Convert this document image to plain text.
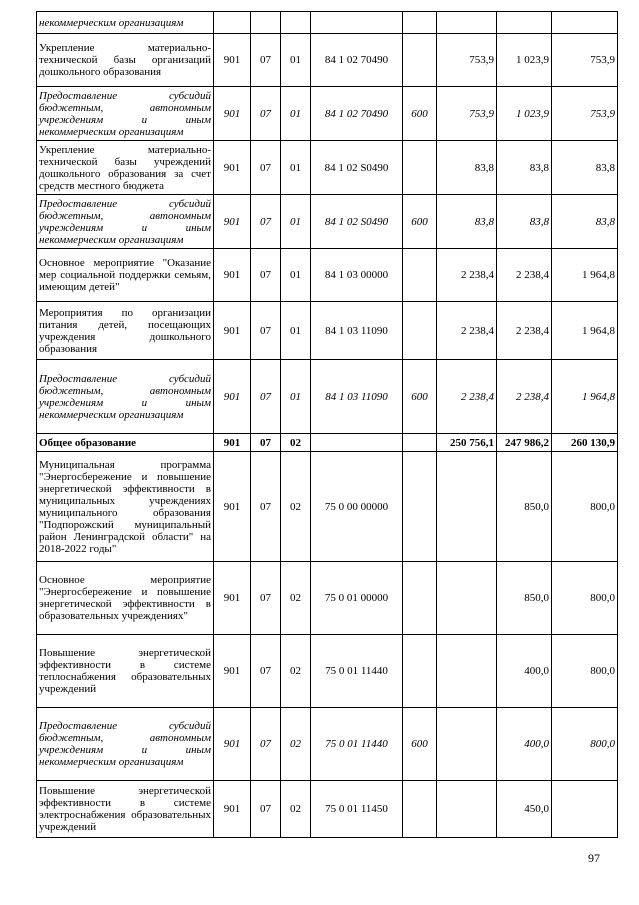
некоммерческим организациям								
Укрепление материально-технической базы организаций дошкольного образования	901	07	01	84 1 02 70490		753,9	1 023,9	753,9
Предоставление субсидий бюджетным, автономным учреждениям и иным некоммерческим организациям	901	07	01	84 1 02 70490	600	753,9	1 023,9	753,9
Укрепление материально-технической базы учреждений дошкольного образования за счет средств местного бюджета	901	07	01	84 1 02 S0490		83,8	83,8	83,8
Предоставление субсидий бюджетным, автономным учреждениям и иным некоммерческим организациям	901	07	01	84 1 02 S0490	600	83,8	83,8	83,8
Основное мероприятие "Оказание мер социальной поддержки семьям, имеющим детей"	901	07	01	84 1 03 00000		2 238,4	2 238,4	1 964,8
Мероприятия по организации питания детей, посещающих учреждения дошкольного образования	901	07	01	84 1 03 11090		2 238,4	2 238,4	1 964,8
Предоставление субсидий бюджетным, автономным учреждениям и иным некоммерческим организациям	901	07	01	84 1 03 11090	600	2 238,4	2 238,4	1 964,8
Общее образование	901	07	02			250 756,1	247 986,2	260 130,9
Муниципальная программа "Энергосбережение и повышение энергетической эффективности в муниципальных учреждениях муниципального образования "Подпорожский муниципальный район Ленинградской области" на 2018-2022 годы"	901	07	02	75 0 00 00000			850,0	800,0
Основное мероприятие "Энергосбережение и повышение энергетической эффективности в образовательных учреждениях"	901	07	02	75 0 01 00000			850,0	800,0
Повышение энергетической эффективности в системе теплоснабжения образовательных учреждений	901	07	02	75 0 01 11440			400,0	800,0
Предоставление субсидий бюджетным, автономным учреждениям и иным некоммерческим организациям	901	07	02	75 0 01 11440	600		400,0	800,0
Повышение энергетической эффективности в системе электроснабжения образовательных учреждений	901	07	02	75 0 01 11450			450,0	
97
